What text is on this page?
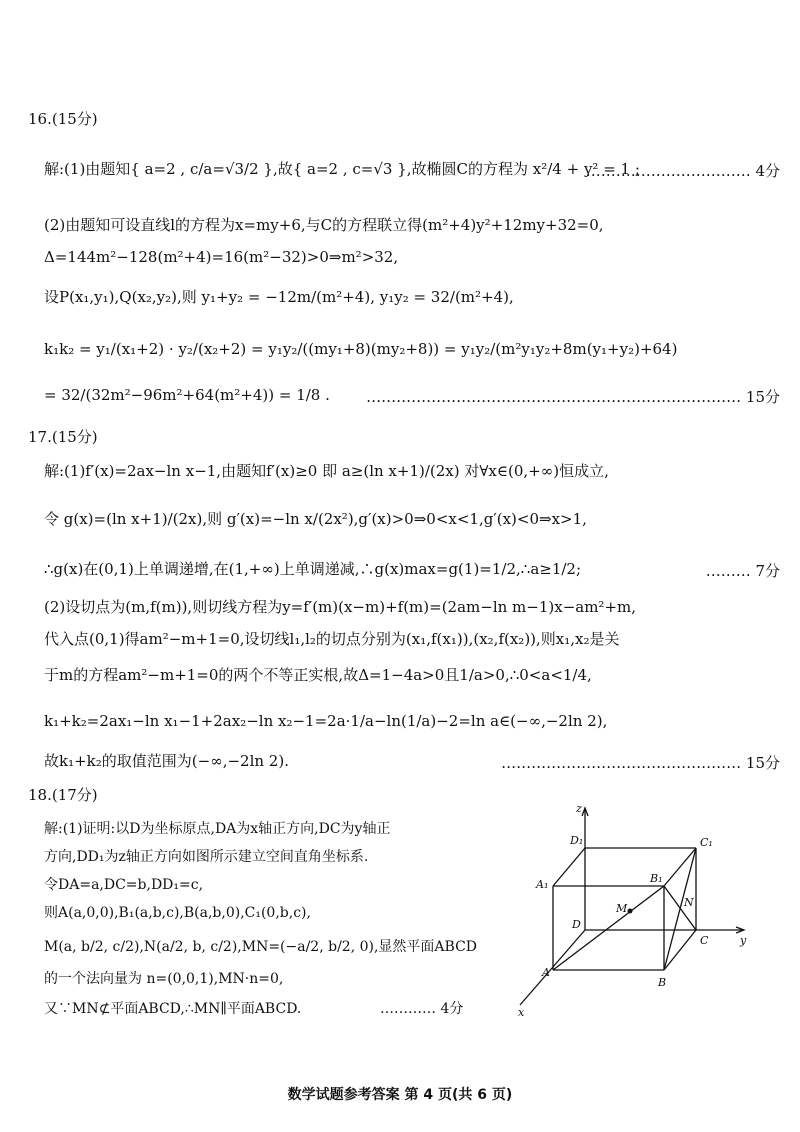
16.(15分)
解:(1)由题知{ a=2 , c/a=√3/2 },故{ a=2 , c=√3 },故椭圆C的方程为 x²/4 + y² = 1 ;
…………………………… 4分
(2)由题知可设直线l的方程为x=my+6,与C的方程联立得(m²+4)y²+12my+32=0,
Δ=144m²−128(m²+4)=16(m²−32)>0⇒m²>32,
设P(x₁,y₁),Q(x₂,y₂),则 y₁+y₂ = −12m/(m²+4), y₁y₂ = 32/(m²+4),
k₁k₂ = y₁/(x₁+2) · y₂/(x₂+2) = y₁y₂/((my₁+8)(my₂+8)) = y₁y₂/(m²y₁y₂+8m(y₁+y₂)+64)
= 32/(32m²−96m²+64(m²+4)) = 1/8 . ………………………………………………………………… 15分
17.(15分)
解:(1)f′(x)=2ax−ln x−1,由题知f′(x)≥0 即 a≥(ln x+1)/(2x) 对∀x∈(0,+∞)恒成立,
令 g(x)=(ln x+1)/(2x),则 g′(x)=−ln x/(2x²),g′(x)>0⇒0<x<1,g′(x)<0⇒x>1,
∴g(x)在(0,1)上单调递增,在(1,+∞)上单调递减,∴g(x)max=g(1)=1/2,∴a≥1/2;	……… 7分
(2)设切点为(m,f(m)),则切线方程为y=f′(m)(x−m)+f(m)=(2am−ln m−1)x−am²+m,
代入点(0,1)得am²−m+1=0,设切线l₁,l₂的切点分别为(x₁,f(x₁)),(x₂,f(x₂)),则x₁,x₂是关
于m的方程am²−m+1=0的两个不等正实根,故Δ=1−4a>0且1/a>0,∴0<a<1/4,
k₁+k₂=2ax₁−ln x₁−1+2ax₂−ln x₂−1=2a·1/a−ln(1/a)−2=ln a∈(−∞,−2ln 2),
故k₁+k₂的取值范围为(−∞,−2ln 2).	………………………………………… 15分
18.(17分)
解:(1)证明:以D为坐标原点,DA为x轴正方向,DC为y轴正
方向,DD₁为z轴正方向如图所示建立空间直角坐标系.
令DA=a,DC=b,DD₁=c,
则A(a,0,0),B₁(a,b,c),B(a,b,0),C₁(0,b,c),
M(a, b/2, c/2),N(a/2, b, c/2),MN=(−a/2, b/2, 0),显然平面ABCD
的一个法向量为 n=(0,0,1),MN·n=0,
又∵MN⊄平面ABCD,∴MN∥平面ABCD.	………… 4分
z
y
x
D₁	C₁
A₁	B₁
D
C
A
B
M	N
数学试题参考答案 第 4 页(共 6 页)
